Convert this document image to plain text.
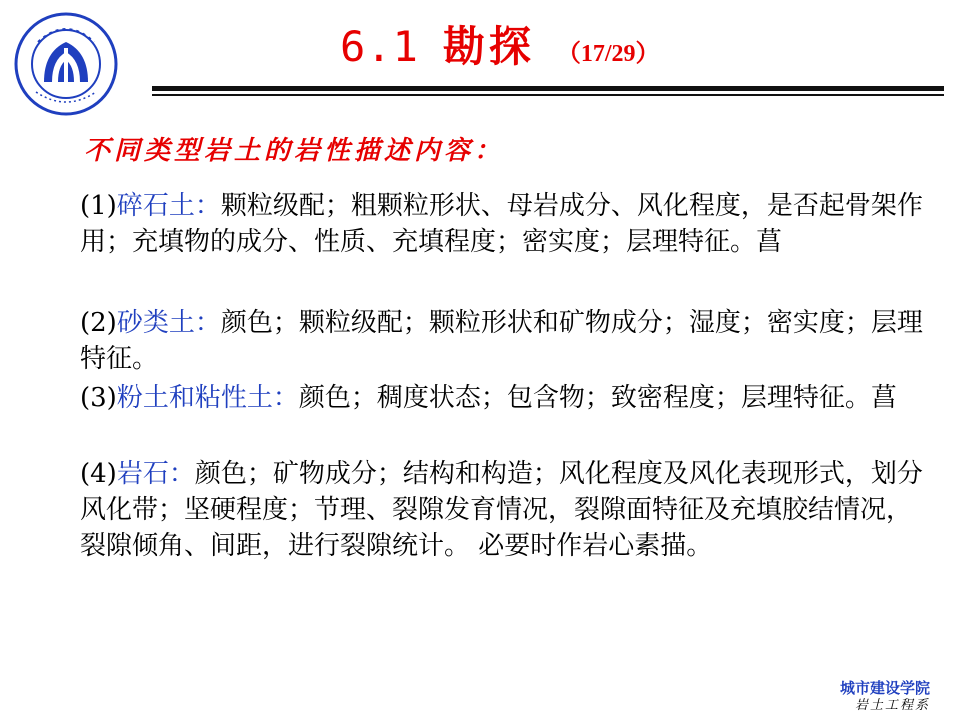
6.1 勘探 （17/29）
不同类型岩土的岩性描述内容：
(1)碎石土：颗粒级配；粗颗粒形状、母岩成分、风化程度，是否起骨架作用；充填物的成分、性质、充填程度；密实度；层理特征。菖
(2)砂类土：颜色；颗粒级配；颗粒形状和矿物成分；湿度；密实度；层理特征。
(3)粉土和粘性土：颜色；稠度状态；包含物；致密程度；层理特征。菖
(4)岩石：颜色；矿物成分；结构和构造；风化程度及风化表现形式，划分风化带；坚硬程度；节理、裂隙发育情况，裂隙面特征及充填胶结情况，裂隙倾角、间距，进行裂隙统计。 必要时作岩心素描。
城市建设学院
岩土工程系
